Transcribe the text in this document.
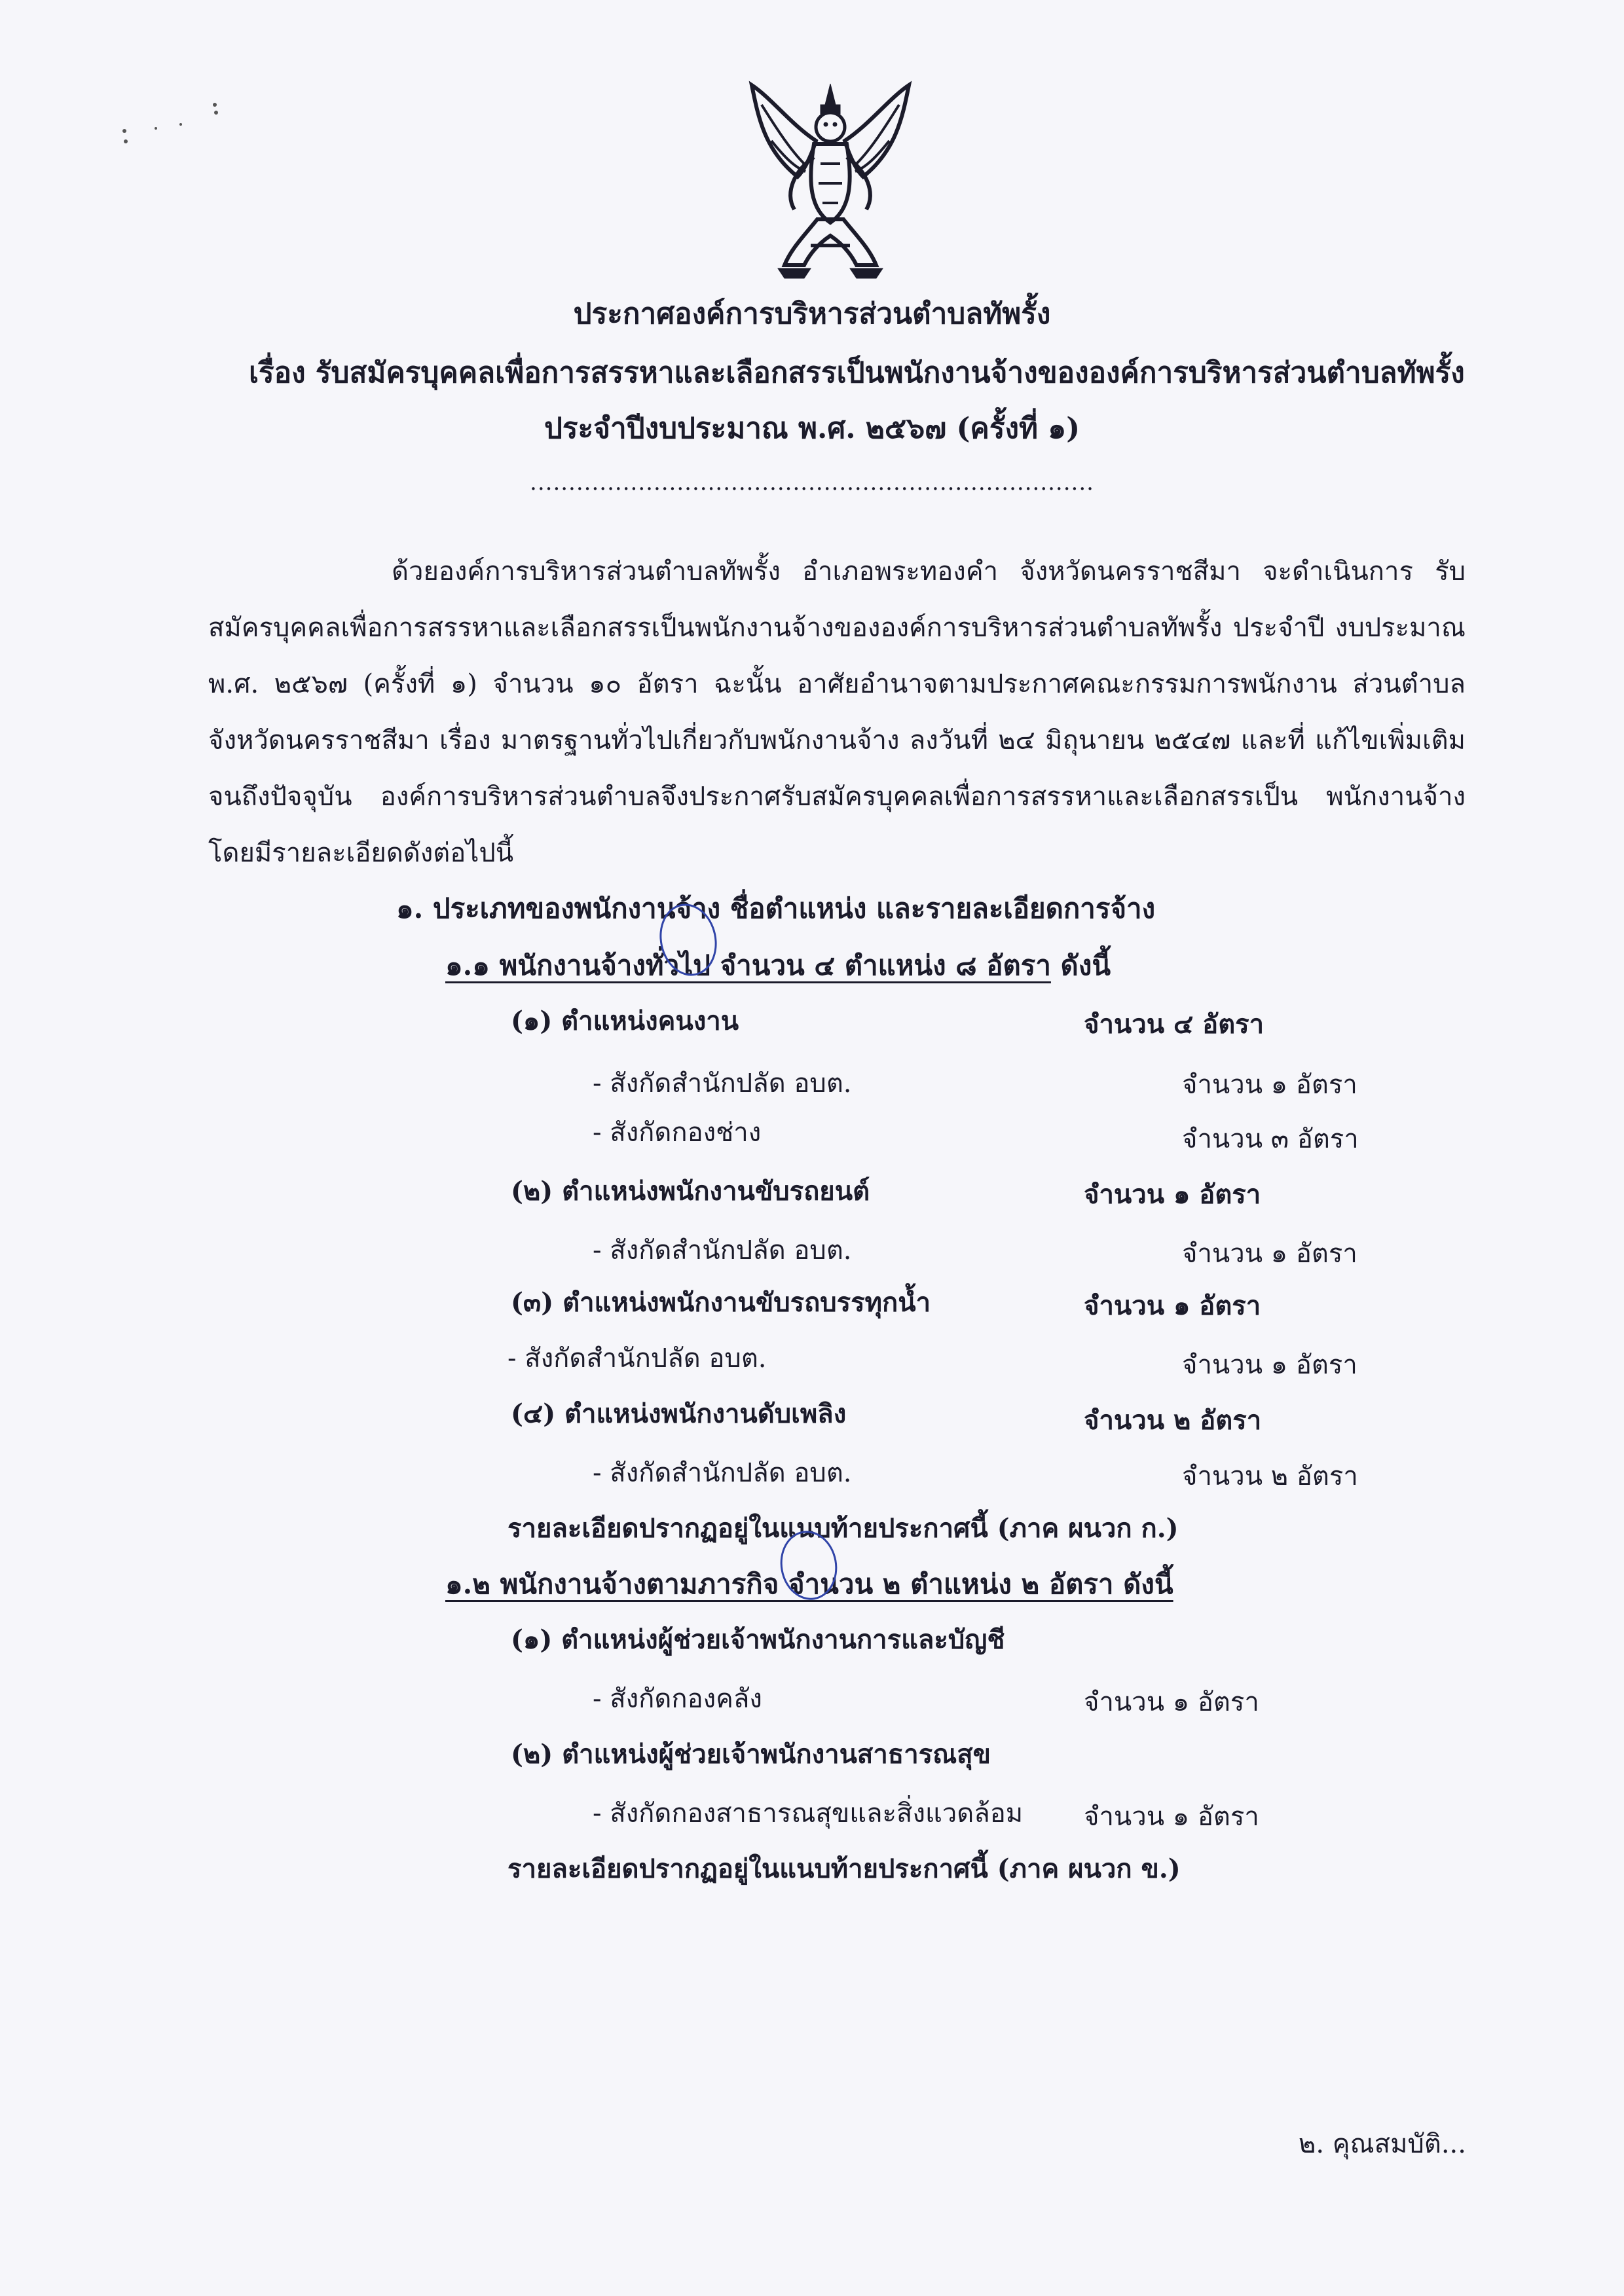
ประกาศองค์การบริหารส่วนตำบลทัพรั้ง
เรื่อง รับสมัครบุคคลเพื่อการสรรหาและเลือกสรรเป็นพนักงานจ้างขององค์การบริหารส่วนตำบลทัพรั้ง
ประจำปีงบประมาณ พ.ศ. ๒๕๖๗ (ครั้งที่ ๑)
.........................................................................
ด้วยองค์การบริหารส่วนตำบลทัพรั้ง อำเภอพระทองคำ จังหวัดนครราชสีมา จะดำเนินการ รับสมัครบุคคลเพื่อการสรรหาและเลือกสรรเป็นพนักงานจ้างขององค์การบริหารส่วนตำบลทัพรั้ง ประจำปี งบประมาณ พ.ศ. ๒๕๖๗ (ครั้งที่ ๑) จำนวน ๑๐ อัตรา ฉะนั้น อาศัยอำนาจตามประกาศคณะกรรมการพนักงาน ส่วนตำบลจังหวัดนครราชสีมา เรื่อง มาตรฐานทั่วไปเกี่ยวกับพนักงานจ้าง ลงวันที่ ๒๔ มิถุนายน ๒๕๔๗ และที่ แก้ไขเพิ่มเติมจนถึงปัจจุบัน องค์การบริหารส่วนตำบลจึงประกาศรับสมัครบุคคลเพื่อการสรรหาและเลือกสรรเป็น พนักงานจ้าง โดยมีรายละเอียดดังต่อไปนี้
๑. ประเภทของพนักงานจ้าง ชื่อตำแหน่ง และรายละเอียดการจ้าง
๑.๑ พนักงานจ้างทั่วไป จำนวน ๔ ตำแหน่ง ๘ อัตรา ดังนี้
(๑) ตำแหน่งคนงาน	จำนวน ๔ อัตรา
- สังกัดสำนักปลัด อบต.	จำนวน ๑ อัตรา
- สังกัดกองช่าง	จำนวน ๓ อัตรา
(๒) ตำแหน่งพนักงานขับรถยนต์	จำนวน ๑ อัตรา
- สังกัดสำนักปลัด อบต.	จำนวน ๑ อัตรา
(๓) ตำแหน่งพนักงานขับรถบรรทุกน้ำ	จำนวน ๑ อัตรา
- สังกัดสำนักปลัด อบต.	จำนวน ๑ อัตรา
(๔) ตำแหน่งพนักงานดับเพลิง	จำนวน ๒ อัตรา
- สังกัดสำนักปลัด อบต.	จำนวน ๒ อัตรา
รายละเอียดปรากฏอยู่ในแนบท้ายประกาศนี้ (ภาค ผนวก ก.)
๑.๒ พนักงานจ้างตามภารกิจ จำนวน ๒ ตำแหน่ง ๒ อัตรา ดังนี้
(๑) ตำแหน่งผู้ช่วยเจ้าพนักงานการและบัญชี
- สังกัดกองคลัง	จำนวน ๑ อัตรา
(๒) ตำแหน่งผู้ช่วยเจ้าพนักงานสาธารณสุข
- สังกัดกองสาธารณสุขและสิ่งแวดล้อม จำนวน ๑ อัตรา
รายละเอียดปรากฏอยู่ในแนบท้ายประกาศนี้ (ภาค ผนวก ข.)
๒. คุณสมบัติ...
